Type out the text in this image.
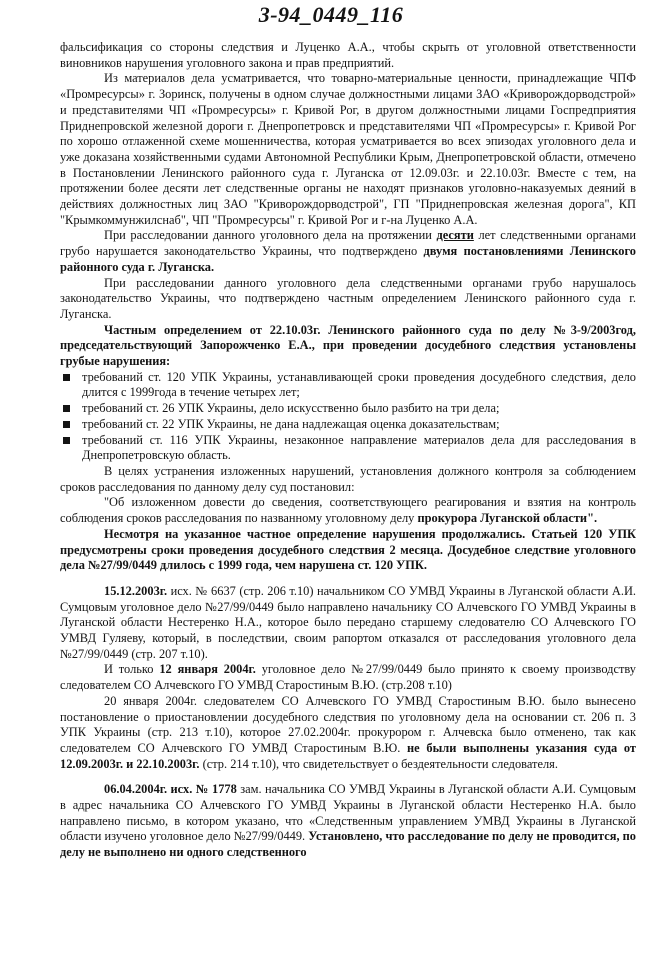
3-94_0449_116

фальсификация со стороны следствия и Луценко А.А., чтобы скрыть от уголовной ответственности виновников нарушения уголовного закона и прав предприятий.

Из материалов дела усматривается, что товарно-материальные ценности, принадлежащие ЧПФ «Промресурсы» г. Зоринск, получены в одном случае должностными лицами ЗАО «Криворождорводстрой» и представителями ЧП «Промресурсы» г. Кривой Рог, в другом должностными лицами Госпредприятия Приднепровской железной дороги г. Днепропетровск и представителями ЧП «Промресурсы» г. Кривой Рог по хорошо отлаженной схеме мошенничества, которая усматривается во всех эпизодах уголовного дела и уже доказана хозяйственными судами Автономной Республики Крым, Днепропетровской области, отмечено в Постановлении Ленинского районного суда г. Луганска от 12.09.03г. и 22.10.03г. Вместе с тем, на протяжении более десяти лет следственные органы не находят признаков уголовно-наказуемых деяний в действиях должностных лиц ЗАО "Криворождорводстрой", ГП "Приднепровская железная дорога", КП "Крымкоммунжилснаб", ЧП "Промресурсы" г. Кривой Рог и г-на Луценко А.А.

При расследовании данного уголовного дела на протяжении десяти лет следственными органами грубо нарушается законодательство Украины, что подтверждено двумя постановлениями Ленинского районного суда г. Луганска.

При расследовании данного уголовного дела следственными органами грубо нарушалось законодательство Украины, что подтверждено частным определением Ленинского районного суда г. Луганска.

Частным определением от 22.10.03г. Ленинского районного суда по делу №3-9/2003год, председательствующий Запорожченко Е.А., при проведении досудебного следствия установлены грубые нарушения:

требований ст. 120 УПК Украины, устанавливающей сроки проведения досудебного следствия, дело длится с 1999года в течение четырех лет;
требований ст. 26 УПК Украины, дело искусственно было разбито на три дела;
требований ст. 22 УПК Украины, не дана надлежащая оценка доказательствам;
требований ст. 116 УПК Украины, незаконное направление материалов дела для расследования в Днепропетровскую область.

В целях устранения изложенных нарушений, установления должного контроля за соблюдением сроков расследования по данному делу суд постановил:

"Об изложенном довести до сведения, соответствующего реагирования и взятия на контроль соблюдения сроков расследования по названному уголовному делу прокурора Луганской области".

Несмотря на указанное частное определение нарушения продолжались. Статьей 120 УПК предусмотрены сроки проведения досудебного следствия 2 месяца. Досудебное следствие уголовного дела №27/99/0449 длилось с 1999 года, чем нарушена ст. 120 УПК.

15.12.2003г. исх. № 6637 (стр. 206 т.10) начальником СО УМВД Украины в Луганской области А.И. Сумцовым уголовное дело №27/99/0449 было направлено начальнику СО Алчевского ГО УМВД Украины в Луганской области Нестеренко Н.А., которое было передано старшему следователю СО Алчевского ГО УМВД Гуляеву, который, в последствии, своим рапортом отказался от расследования уголовного дела №27/99/0449 (стр. 207 т.10).

И только 12 января 2004г. уголовное дело №27/99/0449 было принято к своему производству следователем СО Алчевского ГО УМВД Старостиным В.Ю. (стр.208 т.10)

20 января 2004г. следователем СО Алчевского ГО УМВД Старостиным В.Ю. было вынесено постановление о приостановлении досудебного следствия по уголовному дела на основании ст. 206 п. 3 УПК Украины (стр. 213 т.10), которое 27.02.2004г. прокурором г. Алчевска было отменено, так как следователем СО Алчевского ГО УМВД Старостиным В.Ю. не были выполнены указания суда от 12.09.2003г. и 22.10.2003г. (стр. 214 т.10), что свидетельствует о бездеятельности следователя.

06.04.2004г. исх. № 1778 зам. начальника СО УМВД Украины в Луганской области А.И. Сумцовым в адрес начальника СО Алчевского ГО УМВД Украины в Луганской области Нестеренко Н.А. было направлено письмо, в котором указано, что «Следственным управлением УМВД Украины в Луганской области изучено уголовное дело №27/99/0449. Установлено, что расследование по делу не проводится, по делу не выполнено ни одного следственного
